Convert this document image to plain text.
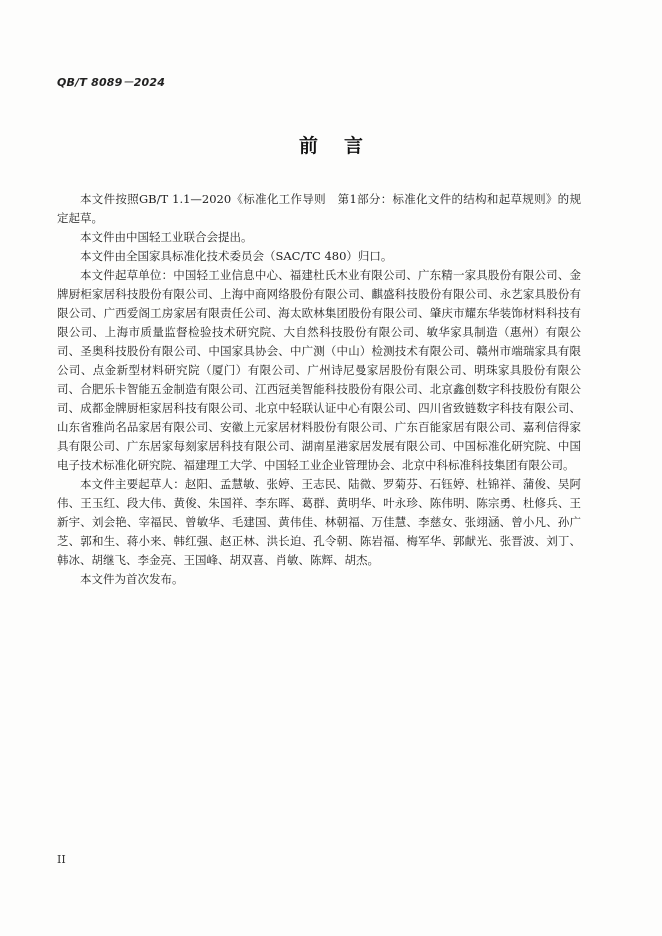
QB/T 8089－2024
前言

本文件按照GB/T 1.1—2020《标准化工作导则　第1部分：标准化文件的结构和起草规则》的规定起草。

本文件由中国轻工业联合会提出。

本文件由全国家具标准化技术委员会（SAC/TC 480）归口。

本文件起草单位：中国轻工业信息中心、福建杜氏木业有限公司、广东精一家具股份有限公司、金牌厨柜家居科技股份有限公司、上海中商网络股份有限公司、麒盛科技股份有限公司、永艺家具股份有限公司、广西爱阁工房家居有限责任公司、海太欧林集团股份有限公司、肇庆市耀东华装饰材料科技有限公司、上海市质量监督检验技术研究院、大自然科技股份有限公司、敏华家具制造（惠州）有限公司、圣奥科技股份有限公司、中国家具协会、中广测（中山）检测技术有限公司、赣州市端瑞家具有限公司、点金新型材料研究院（厦门）有限公司、广州诗尼曼家居股份有限公司、明珠家具股份有限公司、合肥乐卡智能五金制造有限公司、江西冠美智能科技股份有限公司、北京鑫创数字科技股份有限公司、成都金牌厨柜家居科技有限公司、北京中轻联认证中心有限公司、四川省致链数字科技有限公司、山东省雅尚名品家居有限公司、安徽上元家居材料股份有限公司、广东百能家居有限公司、嘉利信得家具有限公司、广东居家每刻家居科技有限公司、湖南星港家居发展有限公司、中国标准化研究院、中国电子技术标准化研究院、福建理工大学、中国轻工业企业管理协会、北京中科标准科技集团有限公司。

本文件主要起草人：赵阳、孟慧敏、张婷、王志民、陆微、罗菊芬、石钰婷、杜锦祥、蒲俊、吴阿伟、王玉红、段大伟、黄俊、朱国祥、李东晖、葛群、黄明华、叶永珍、陈伟明、陈宗勇、杜修兵、王新宇、刘会艳、宰福民、曾敏华、毛建国、黄伟佳、林朝福、万佳慧、李慈女、张翊涵、曾小凡、孙广芝、郭和生、蒋小来、韩红强、赵正林、洪长迫、孔令朝、陈岩福、梅军华、郭献光、张晋波、刘丁、韩冰、胡继飞、李金亮、王国峰、胡双喜、肖敏、陈辉、胡杰。

本文件为首次发布。

II
